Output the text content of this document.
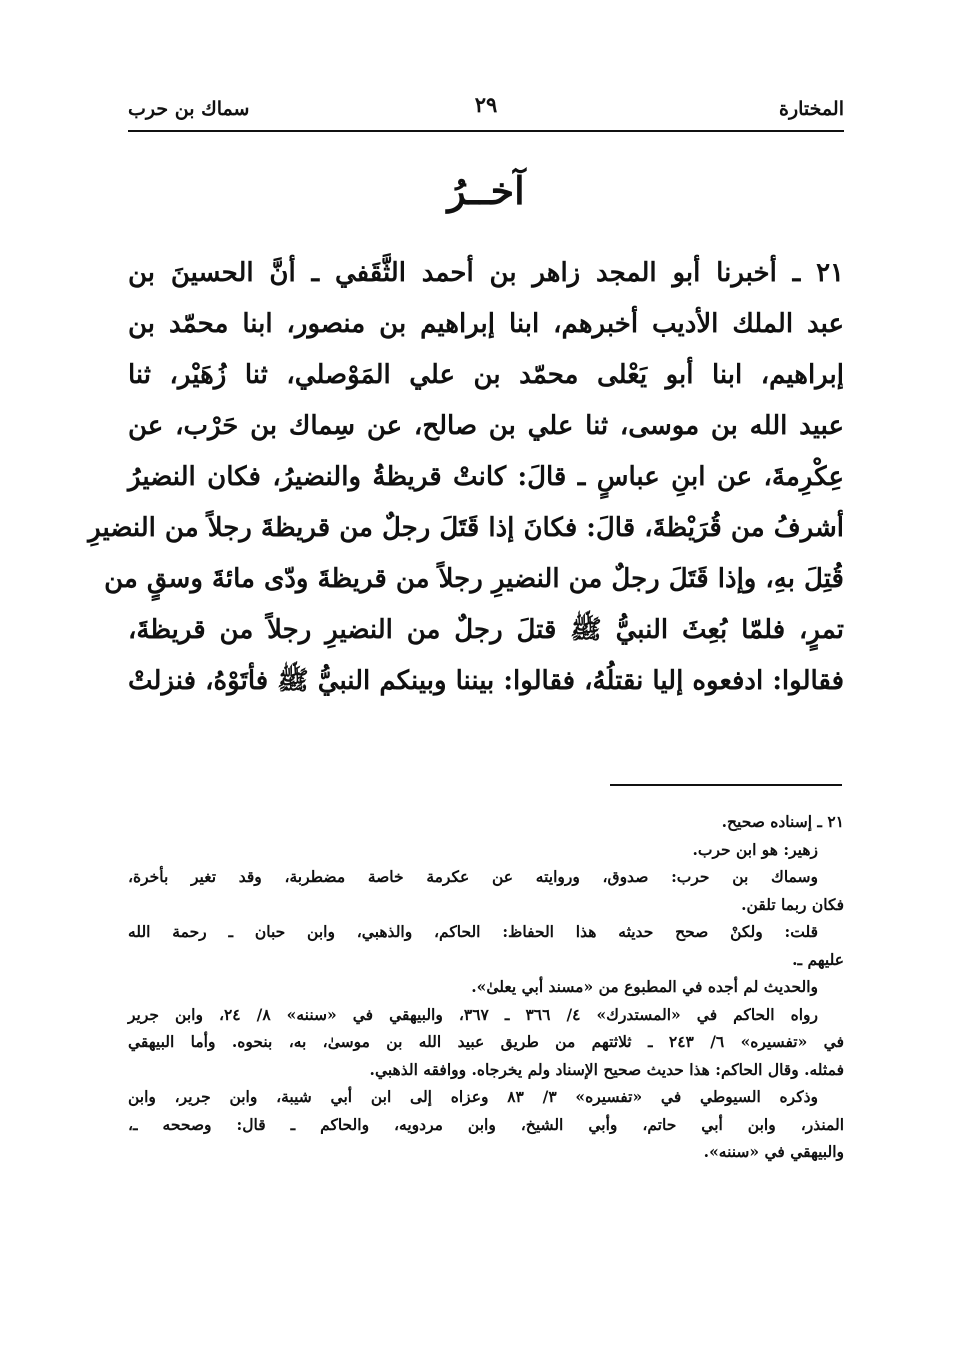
المختارة
٢٩
سماك بن حرب
آخــرُ
٢١ ـ أخبرنا أبو المجد زاهر بن أحمد الثَّقَفي ـ أنَّ الحسينَ بن
عبد الملك الأديب أخبرهم، ابنا إبراهيم بن منصور، ابنا محمّد بن
إبراهيم، ابنا أبو يَعْلى محمّد بن علي المَوْصلي، ثنا زُهَيْر، ثنا
عبيد الله بن موسى، ثنا علي بن صالح، عن سِماك بن حَرْب، عن
عِكْرِمةَ، عن ابنِ عباسٍ ـ قالَ: كانتْ قريظةُ والنضيرُ، فكان النضيرُ
أشرفُ من قُرَيْظةَ، قالَ: فكانَ إذا قَتَلَ رجلٌ من قريظةَ رجلاً من النضيرِ
قُتِلَ بهِ، وإذا قَتَلَ رجلٌ من النضيرِ رجلاً من قريظةَ ودّى مائةَ وسقٍ من
تمرٍ، فلمّا بُعِثَ النبيُّ ﷺ قتلَ رجلٌ من النضيرِ رجلاً من قريظةَ،
فقالوا: ادفعوه إليا نقتلُهُ، فقالوا: بيننا وبينكم النبيُّ ﷺ فأتَوْهُ، فنزلتْ
٢١ ـ إسناده صحيح.
زهير: هو ابن حرب.
وسماك بن حرب: صدوق، وروايته عن عكرمة خاصة مضطربة، وقد تغير بأخرة،
فكان ربما تلقن.
قلت: ولكنْ صحح حديثه هذا الحفاظ: الحاكم، والذهبي، وابن حبان ـ رحمة الله
عليهم ـ.
والحديث لم أجده في المطبوع من «مسند أبي يعلىٰ».
رواه الحاكم في «المستدرك» ٤/ ٣٦٦ ـ ٣٦٧، والبيهقي في «سننه» ٨/ ٢٤، وابن جرير
في «تفسيره» ٦/ ٢٤٣ ـ ثلاثتهم من طريق عبيد الله بن موسىٰ، به، بنحوه. وأما البيهقي
فمثله. وقال الحاكم: هذا حديث صحيح الإسناد ولم يخرجاه. ووافقه الذهبي.
وذكره السيوطي في «تفسيره» ٣/ ٨٣ وعزاه إلى ابن أبي شيبة، وابن جرير، وابن
المنذر، وابن أبي حاتم، وأبي الشيخ، وابن مردويه، والحاكم ـ قال: وصححه ـ،
والبيهقي في «سننه».
